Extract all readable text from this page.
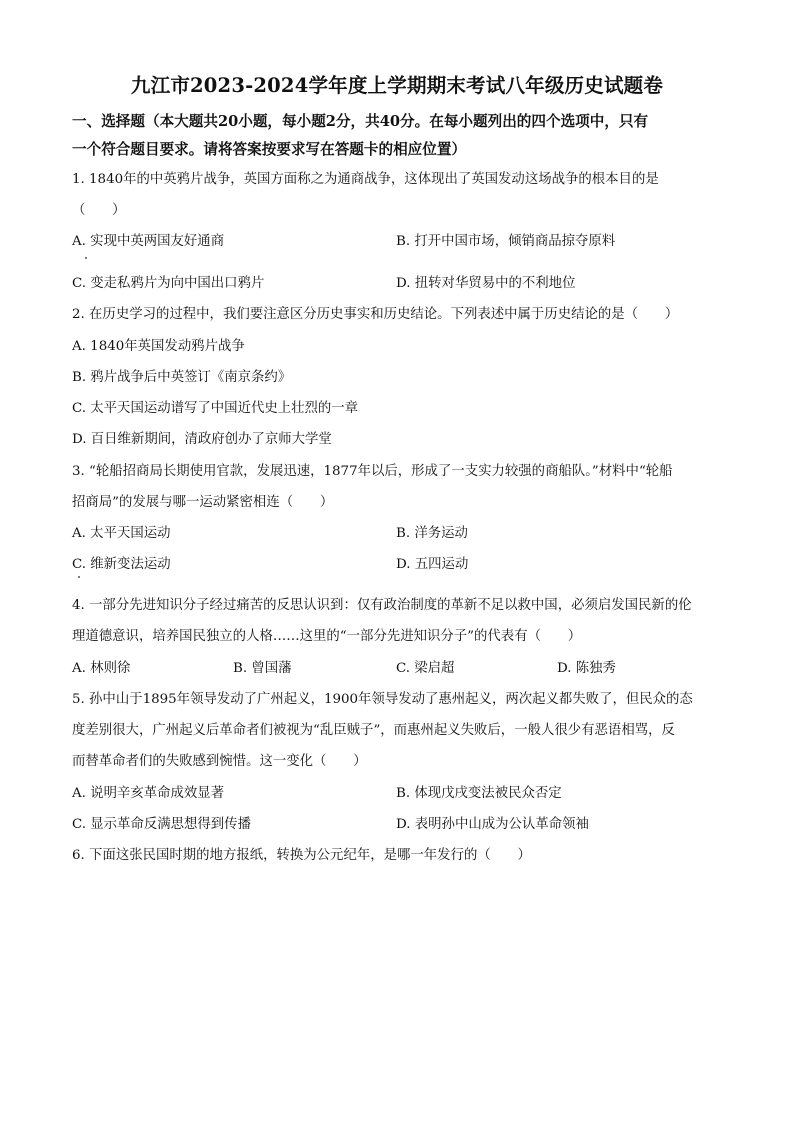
九江市2023-2024学年度上学期期末考试八年级历史试题卷
一、选择题（本大题共20小题，每小题2分，共40分。在每小题列出的四个选项中，只有
一个符合题目要求。请将答案按要求写在答题卡的相应位置）
1. 1840年的中英鸦片战争，英国方面称之为通商战争，这体现出了英国发动这场战争的根本目的是
（　　）
A. 实现中英两国友好通商	B. 打开中国市场，倾销商品掠夺原料
C. 变走私鸦片为向中国出口鸦片	D. 扭转对华贸易中的不利地位
2. 在历史学习的过程中，我们要注意区分历史事实和历史结论。下列表述中属于历史结论的是（　　）
A. 1840年英国发动鸦片战争
B. 鸦片战争后中英签订《南京条约》
C. 太平天国运动谱写了中国近代史上壮烈的一章
D. 百日维新期间，清政府创办了京师大学堂
3. “轮船招商局长期使用官款，发展迅速，1877年以后，形成了一支实力较强的商船队。”材料中“轮船
招商局”的发展与哪一运动紧密相连（　　）
A. 太平天国运动	B. 洋务运动
C. 维新变法运动	D. 五四运动
4. 一部分先进知识分子经过痛苦的反思认识到：仅有政治制度的革新不足以救中国，必须启发国民新的伦
理道德意识，培养国民独立的人格……这里的“一部分先进知识分子”的代表有（　　）
A. 林则徐	B. 曾国藩	C. 梁启超	D. 陈独秀
5. 孙中山于1895年领导发动了广州起义，1900年领导发动了惠州起义，两次起义都失败了，但民众的态
度差别很大，广州起义后革命者们被视为“乱臣贼子”，而惠州起义失败后，一般人很少有恶语相骂，反
而替革命者们的失败感到惋惜。这一变化（　　）
A. 说明辛亥革命成效显著	B. 体现戊戌变法被民众否定
C. 显示革命反满思想得到传播	D. 表明孙中山成为公认革命领袖
6. 下面这张民国时期的地方报纸，转换为公元纪年，是哪一年发行的（　　）
